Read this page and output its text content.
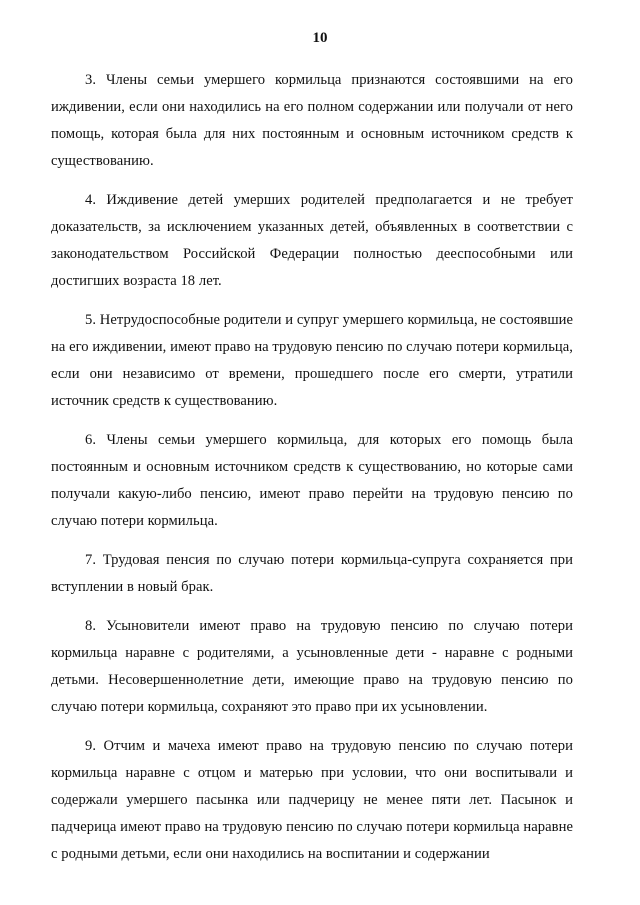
10

3. Члены семьи умершего кормильца признаются состоявшими на его иждивении, если они находились на его полном содержании или получали от него помощь, которая была для них постоянным и основным источником средств к существованию.

4. Иждивение детей умерших родителей предполагается и не требует доказательств, за исключением указанных детей, объявленных в соответствии с законодательством Российской Федерации полностью дееспособными или достигших возраста 18 лет.

5. Нетрудоспособные родители и супруг умершего кормильца, не состоявшие на его иждивении, имеют право на трудовую пенсию по случаю потери кормильца, если они независимо от времени, прошедшего после его смерти, утратили источник средств к существованию.

6. Члены семьи умершего кормильца, для которых его помощь была постоянным и основным источником средств к существованию, но которые сами получали какую-либо пенсию, имеют право перейти на трудовую пенсию по случаю потери кормильца.

7. Трудовая пенсия по случаю потери кормильца-супруга сохраняется при вступлении в новый брак.

8. Усыновители имеют право на трудовую пенсию по случаю потери кормильца наравне с родителями, а усыновленные дети - наравне с родными детьми. Несовершеннолетние дети, имеющие право на трудовую пенсию по случаю потери кормильца, сохраняют это право при их усыновлении.

9. Отчим и мачеха имеют право на трудовую пенсию по случаю потери кормильца наравне с отцом и матерью при условии, что они воспитывали и содержали умершего пасынка или падчерицу не менее пяти лет. Пасынок и падчерица имеют право на трудовую пенсию по случаю потери кормильца наравне с родными детьми, если они находились на воспитании и содержании
